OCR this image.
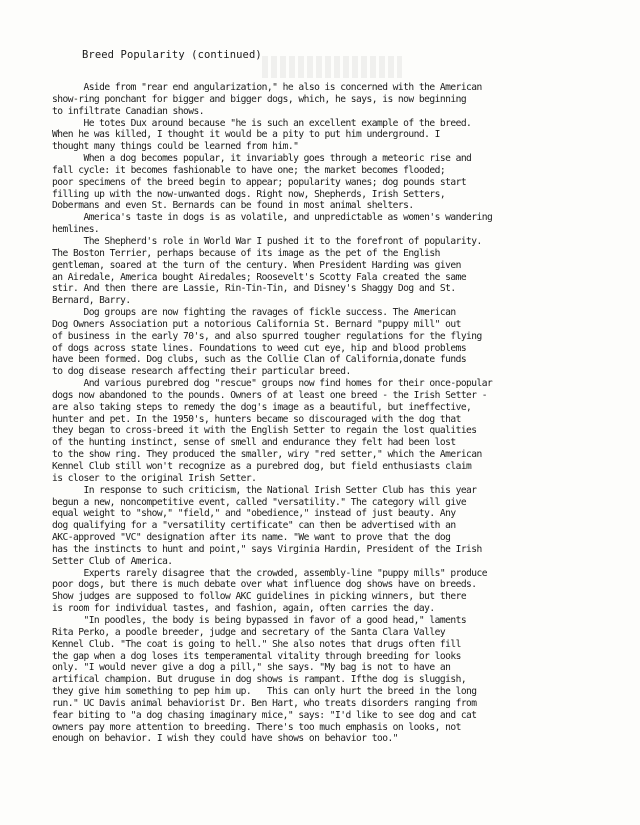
Breed Popularity (continued)
Aside from "rear end angularization," he also is concerned with the American
show-ring ponchant for bigger and bigger dogs, which, he says, is now beginning
to infiltrate Canadian shows.
He totes Dux around because "he is such an excellent example of the breed.
When he was killed, I thought it would be a pity to put him underground. I
thought many things could be learned from him."
When a dog becomes popular, it invariably goes through a meteoric rise and
fall cycle: it becomes fashionable to have one; the market becomes flooded;
poor specimens of the breed begin to appear; popularity wanes; dog pounds start
filling up with the now-unwanted dogs. Right now, Shepherds, Irish Setters,
Dobermans and even St. Bernards can be found in most animal shelters.
America's taste in dogs is as volatile, and unpredictable as women's wandering
hemlines.
The Shepherd's role in World War I pushed it to the forefront of popularity.
The Boston Terrier, perhaps because of its image as the pet of the English
gentleman, soared at the turn of the century. When President Harding was given
an Airedale, America bought Airedales; Roosevelt's Scotty Fala created the same
stir. And then there are Lassie, Rin-Tin-Tin, and Disney's Shaggy Dog and St.
Bernard, Barry.
Dog groups are now fighting the ravages of fickle success. The American
Dog Owners Association put a notorious California St. Bernard "puppy mill" out
of business in the early 70's, and also spurred tougher regulations for the flying
of dogs across state lines. Foundations to weed cut eye, hip and blood problems
have been formed. Dog clubs, such as the Collie Clan of California,donate funds
to dog disease research affecting their particular breed.
And various purebred dog "rescue" groups now find homes for their once-popular
dogs now abandoned to the pounds. Owners of at least one breed - the Irish Setter -
are also taking steps to remedy the dog's image as a beautiful, but ineffective,
hunter and pet. In the 1950's, hunters became so discouraged with the dog that
they began to cross-breed it with the English Setter to regain the lost qualities
of the hunting instinct, sense of smell and endurance they felt had been lost
to the show ring. They produced the smaller, wiry "red setter," which the American
Kennel Club still won't recognize as a purebred dog, but field enthusiasts claim
is closer to the original Irish Setter.
In response to such criticism, the National Irish Setter Club has this year
begun a new, noncompetitive event, called "versatility." The category will give
equal weight to "show," "field," and "obedience," instead of just beauty. Any
dog qualifying for a "versatility certificate" can then be advertised with an
AKC-approved "VC" designation after its name. "We want to prove that the dog
has the instincts to hunt and point," says Virginia Hardin, President of the Irish
Setter Club of America.
Experts rarely disagree that the crowded, assembly-line "puppy mills" produce
poor dogs, but there is much debate over what influence dog shows have on breeds.
Show judges are supposed to follow AKC guidelines in picking winners, but there
is room for individual tastes, and fashion, again, often carries the day.
"In poodles, the body is being bypassed in favor of a good head," laments
Rita Perko, a poodle breeder, judge and secretary of the Santa Clara Valley
Kennel Club. "The coat is going to hell." She also notes that drugs often fill
the gap when a dog loses its temperamental vitality through breeding for looks
only. "I would never give a dog a pill," she says. "My bag is not to have an
artifical champion. But druguse in dog shows is rampant. Ifthe dog is sluggish,
they give him something to pep him up.   This can only hurt the breed in the long
run." UC Davis animal behaviorist Dr. Ben Hart, who treats disorders ranging from
fear biting to "a dog chasing imaginary mice," says: "I'd like to see dog and cat
owners pay more attention to breeding. There's too much emphasis on looks, not
enough on behavior. I wish they could have shows on behavior too."
